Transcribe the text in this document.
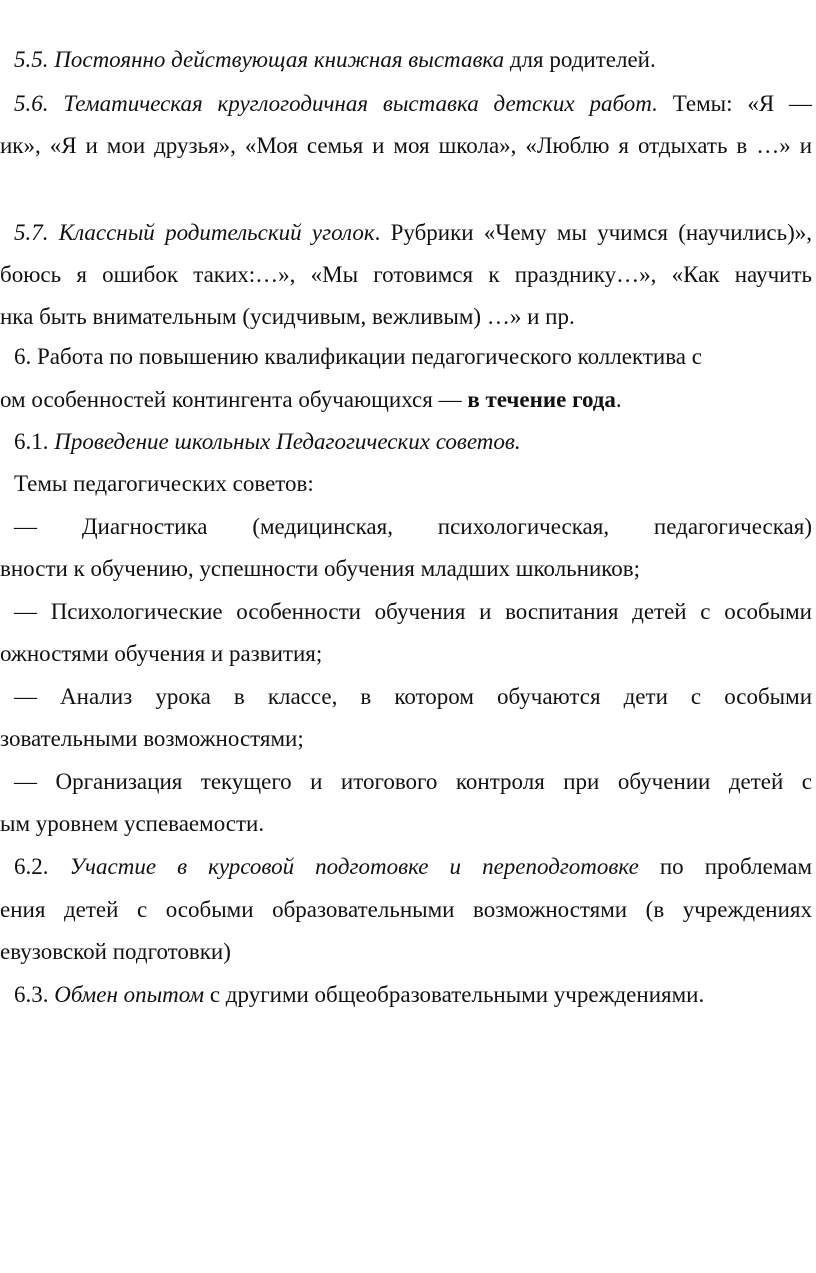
5.5. Постоянно действующая книжная выставка для родителей.
5.6. Тематическая круглогодичная выставка детских работ. Темы: «Я —
ик», «Я и мои друзья», «Моя семья и моя школа», «Люблю я отдыхать в …» и
5.7. Классный родительский уголок. Рубрики «Чему мы учимся (научились)»,
боюсь я ошибок таких:…», «Мы готовимся к празднику…», «Как научить
нка быть внимательным (усидчивым, вежливым) …» и пр.
6. Работа по повышению квалификации педагогического коллектива с
ом особенностей контингента обучающихся — в течение года.
6.1. Проведение школьных Педагогических советов.
Темы педагогических советов:
— Диагностика (медицинская, психологическая, педагогическая)
вности к обучению, успешности обучения младших школьников;
— Психологические особенности обучения и воспитания детей с особыми
ожностями обучения и развития;
— Анализ урока в классе, в котором обучаются дети с особыми
зовательными возможностями;
— Организация текущего и итогового контроля при обучении детей с
ым уровнем успеваемости.
6.2. Участие в курсовой подготовке и переподготовке по проблемам
ения детей с особыми образовательными возможностями (в учреждениях
евузовской подготовки)
6.3. Обмен опытом с другими общеобразовательными учреждениями.
